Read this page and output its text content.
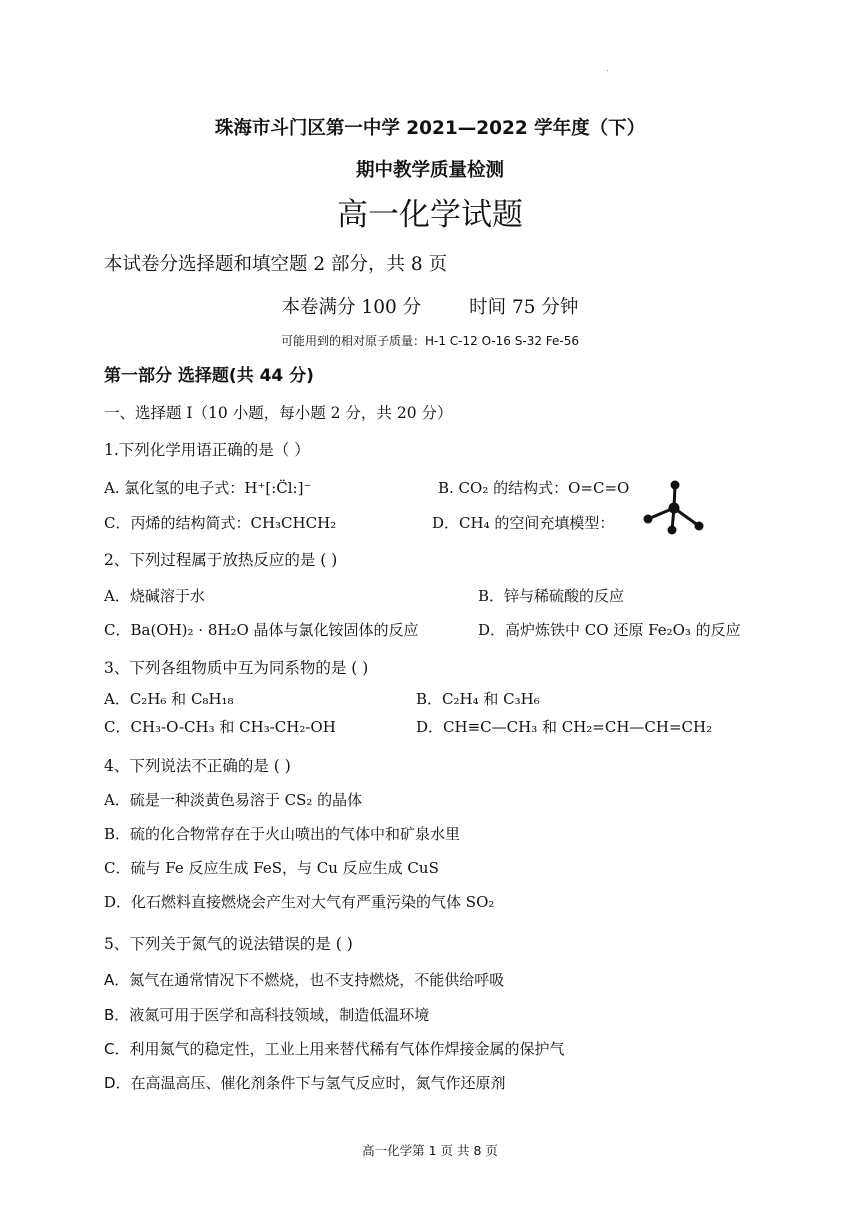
珠海市斗门区第一中学 2021—2022 学年度（下）
期中教学质量检测
高一化学试题
本试卷分选择题和填空题 2 部分，共 8 页
本卷满分 100 分	时间 75 分钟
可能用到的相对原子质量：H-1 C-12 O-16 S-32 Fe-56
第一部分 选择题(共 44 分)
一、选择题 I（10 小题，每小题 2 分，共 20 分）
1.下列化学用语正确的是（ ）
A. 氯化氢的电子式：H⁺[:C̈l:]⁻	B. CO₂ 的结构式：O=C=O
C．丙烯的结构简式：CH₃CHCH₂	D．CH₄ 的空间充填模型：
2、下列过程属于放热反应的是 ( )
A．烧碱溶于水	B．锌与稀硫酸的反应
C．Ba(OH)₂ · 8H₂O 晶体与氯化铵固体的反应	D．高炉炼铁中 CO 还原 Fe₂O₃ 的反应
3、下列各组物质中互为同系物的是 ( )
A．C₂H₆ 和 C₈H₁₈	B．C₂H₄ 和 C₃H₆
C．CH₃-O-CH₃ 和 CH₃-CH₂-OH	D．CH≡C—CH₃ 和 CH₂=CH—CH=CH₂
4、下列说法不正确的是 ( )
A．硫是一种淡黄色易溶于 CS₂ 的晶体
B．硫的化合物常存在于火山喷出的气体中和矿泉水里
C．硫与 Fe 反应生成 FeS，与 Cu 反应生成 CuS
D．化石燃料直接燃烧会产生对大气有严重污染的气体 SO₂
5、下列关于氮气的说法错误的是 ( )
A．氮气在通常情况下不燃烧，也不支持燃烧，不能供给呼吸
B．液氮可用于医学和高科技领域，制造低温环境
C．利用氮气的稳定性，工业上用来替代稀有气体作焊接金属的保护气
D．在高温高压、催化剂条件下与氢气反应时，氮气作还原剂
高一化学第 1 页 共 8 页
